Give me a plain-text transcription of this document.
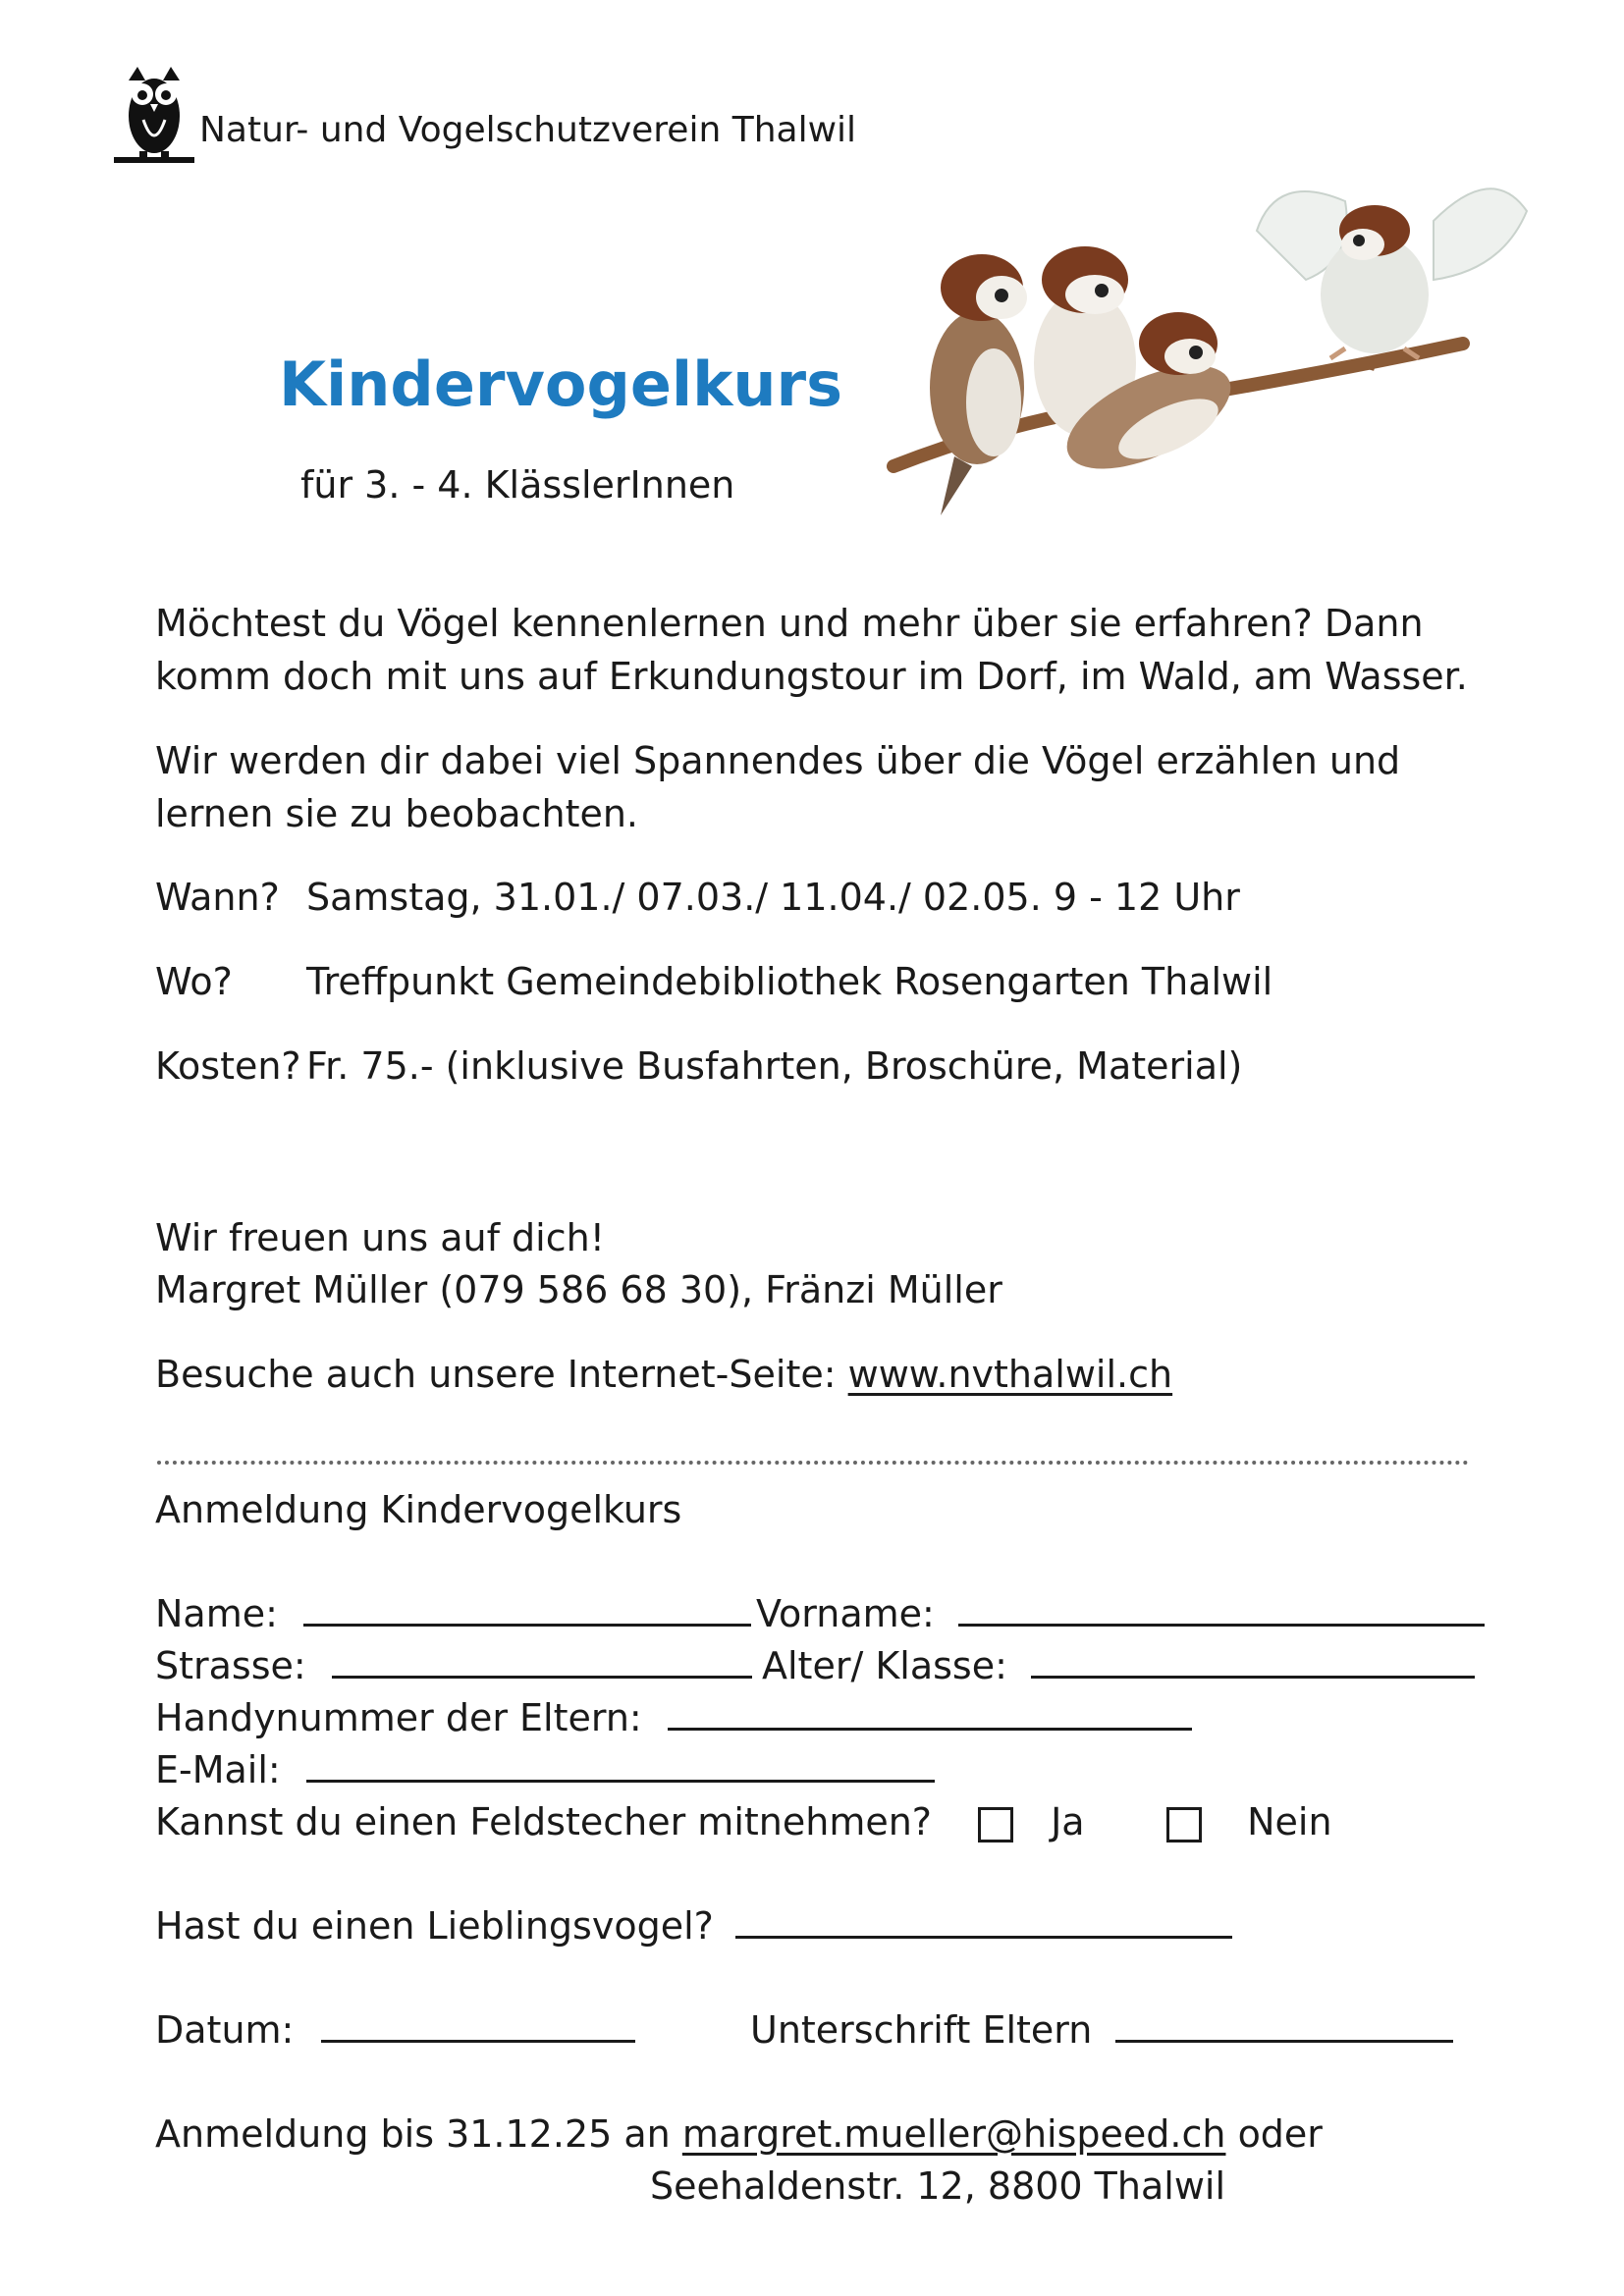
Natur- und Vogelschutzverein Thalwil
Kindervogelkurs
für 3. - 4. KlässlerInnen
Möchtest du Vögel kennenlernen und mehr über sie erfahren? Dann komm doch mit uns auf Erkundungstour im Dorf, im Wald, am Wasser.
Wir werden dir dabei viel Spannendes über die Vögel erzählen und lernen sie zu beobachten.
Wann? Samstag, 31.01./ 07.03./ 11.04./ 02.05. 9 - 12 Uhr
Wo? Treffpunkt Gemeindebibliothek Rosengarten Thalwil
Kosten? Fr. 75.- (inklusive Busfahrten, Broschüre, Material)
Wir freuen uns auf dich!
Margret Müller (079 586 68 30), Fränzi Müller
Besuche auch unsere Internet-Seite: www.nvthalwil.ch
Anmeldung Kindervogelkurs
Name:	Vorname:
Strasse:	Alter/ Klasse:
Handynummer der Eltern:
E-Mail:
Kannst du einen Feldstecher mitnehmen?	Ja	Nein
Hast du einen Lieblingsvogel?
Datum:	Unterschrift Eltern
Anmeldung bis 31.12.25 an margret.mueller@hispeed.ch oder
Seehaldenstr. 12, 8800 Thalwil
